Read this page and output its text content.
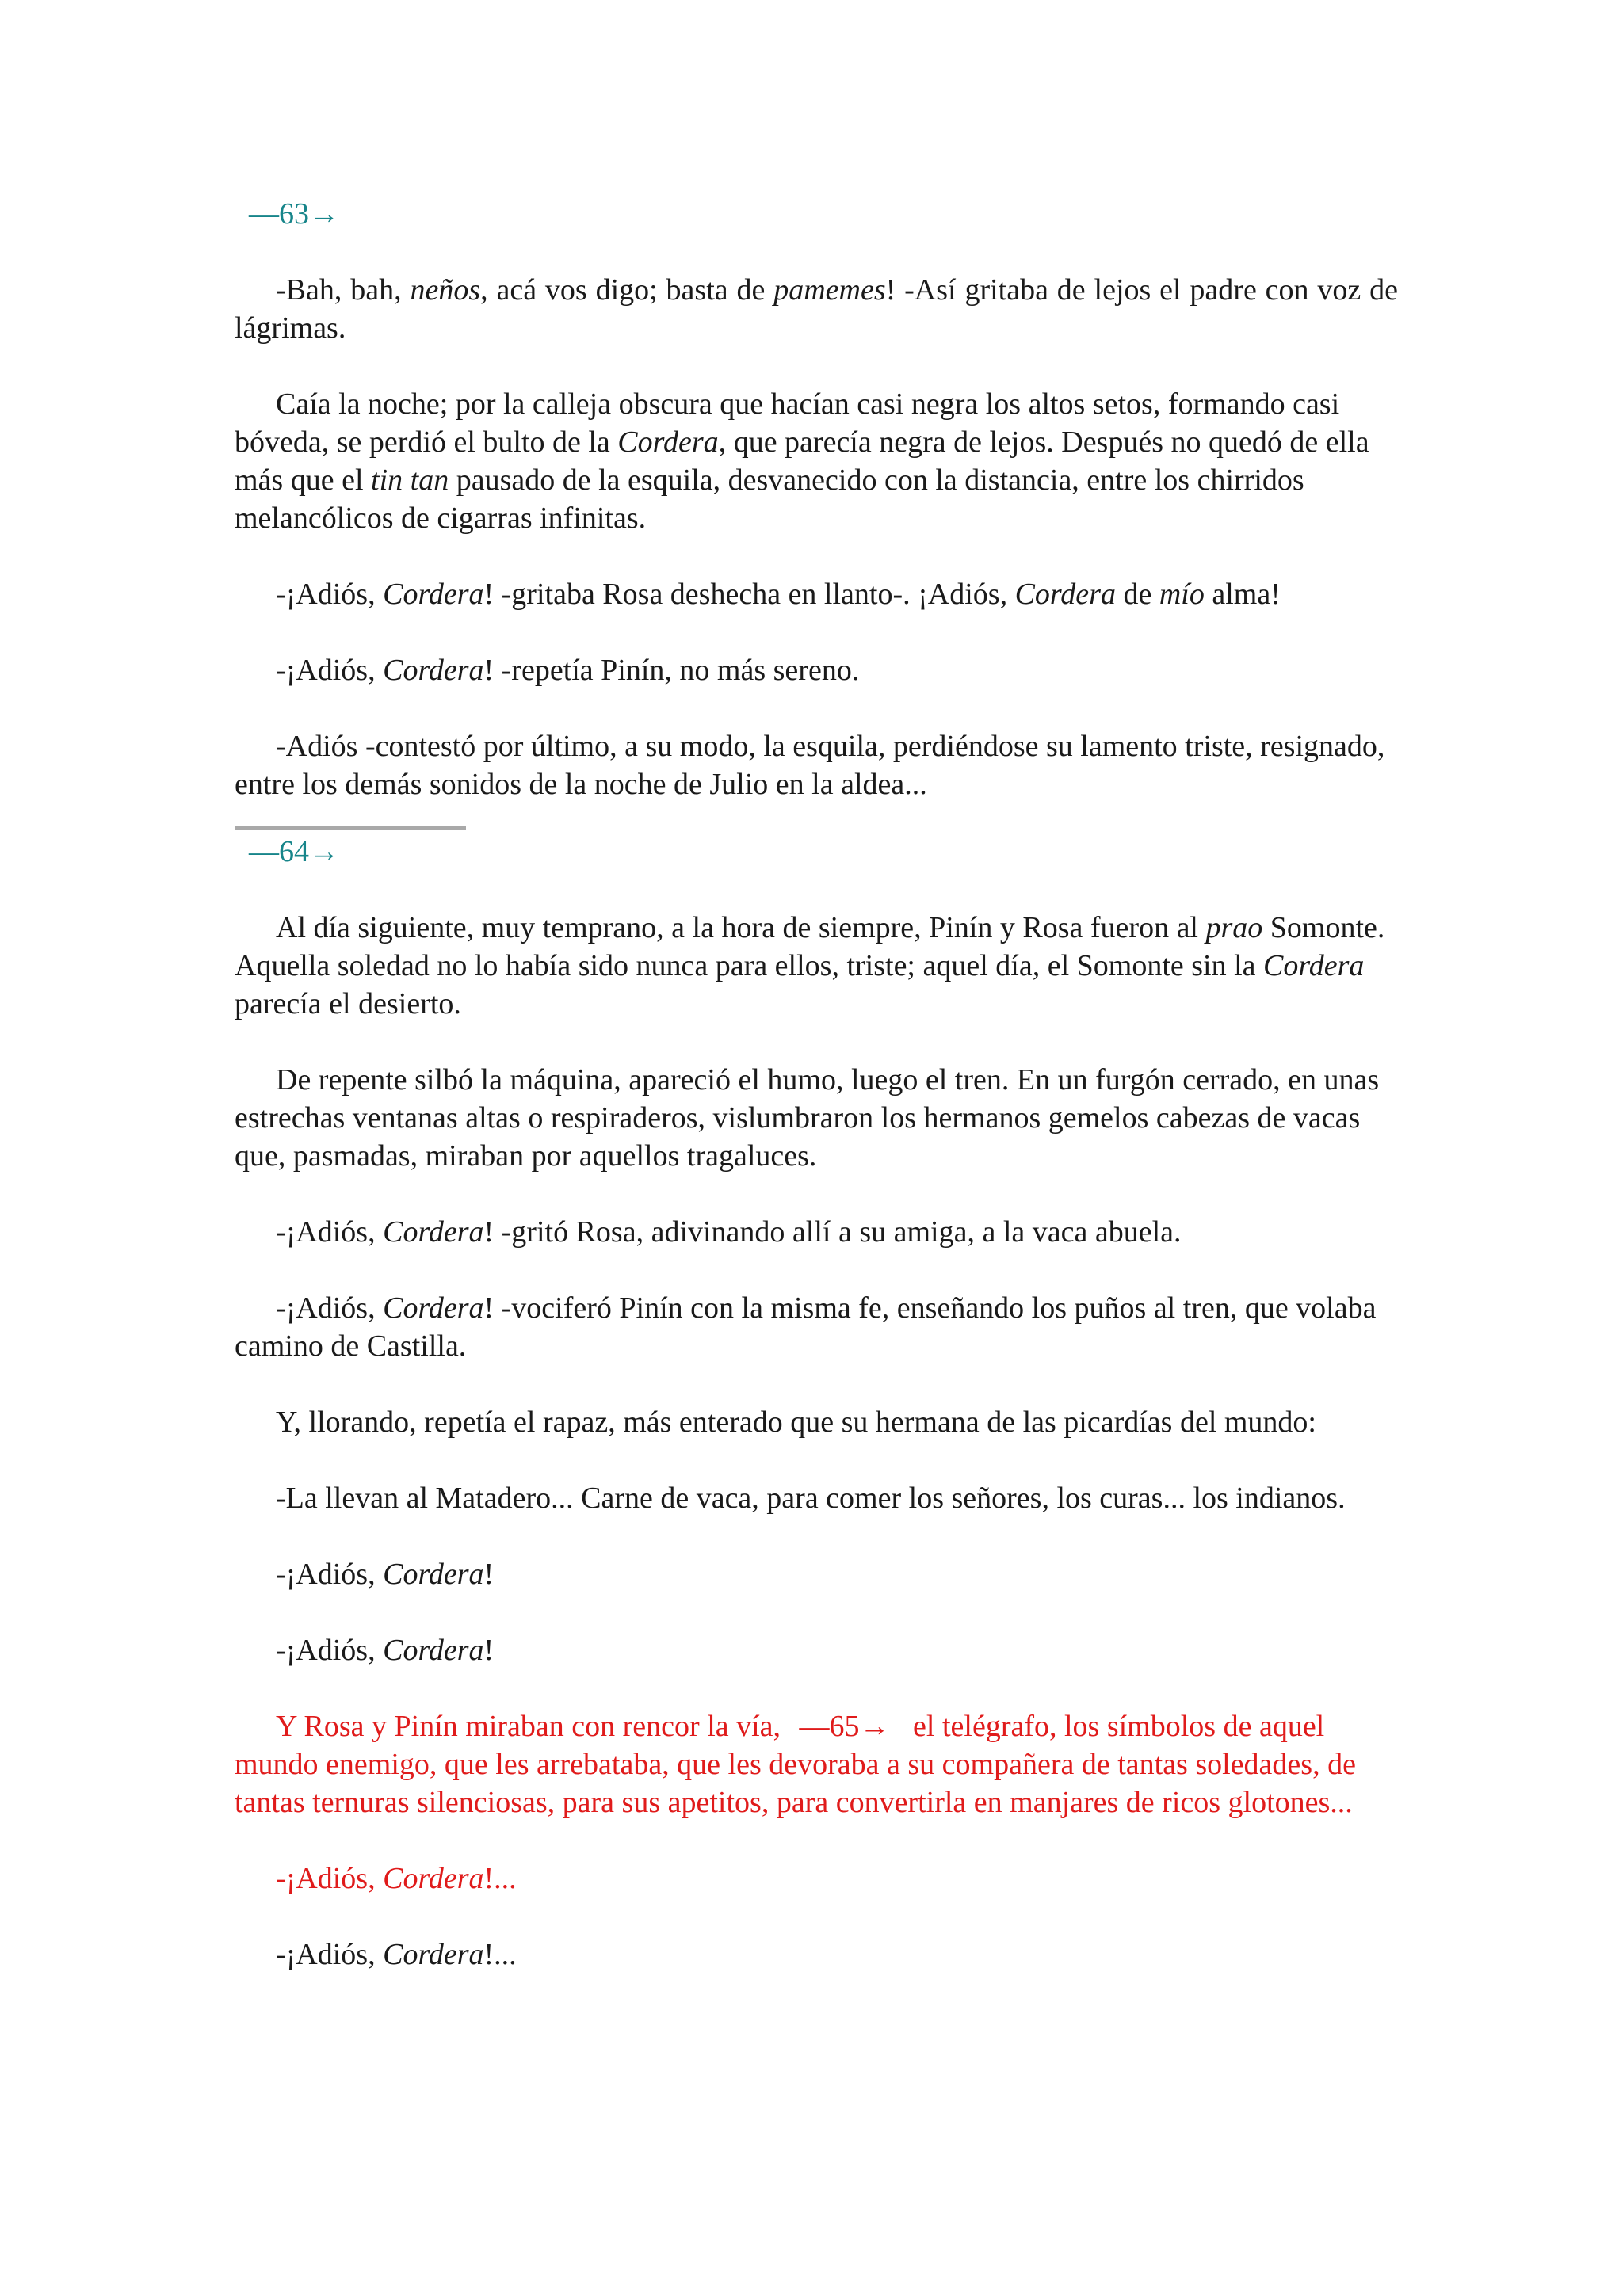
—63→

-Bah, bah, neños, acá vos digo; basta de pamemes! -Así gritaba de lejos el padre con voz de lágrimas.

Caía la noche; por la calleja obscura que hacían casi negra los altos setos, formando casi bóveda, se perdió el bulto de la Cordera, que parecía negra de lejos. Después no quedó de ella más que el tin tan pausado de la esquila, desvanecido con la distancia, entre los chirridos melancólicos de cigarras infinitas.

-¡Adiós, Cordera! -gritaba Rosa deshecha en llanto-. ¡Adiós, Cordera de mío alma!

-¡Adiós, Cordera! -repetía Pinín, no más sereno.

-Adiós -contestó por último, a su modo, la esquila, perdiéndose su lamento triste, resignado, entre los demás sonidos de la noche de Julio en la aldea...

—64→

Al día siguiente, muy temprano, a la hora de siempre, Pinín y Rosa fueron al prao Somonte. Aquella soledad no lo había sido nunca para ellos, triste; aquel día, el Somonte sin la Cordera parecía el desierto.

De repente silbó la máquina, apareció el humo, luego el tren. En un furgón cerrado, en unas estrechas ventanas altas o respiraderos, vislumbraron los hermanos gemelos cabezas de vacas que, pasmadas, miraban por aquellos tragaluces.

-¡Adiós, Cordera! -gritó Rosa, adivinando allí a su amiga, a la vaca abuela.

-¡Adiós, Cordera! -vociferó Pinín con la misma fe, enseñando los puños al tren, que volaba camino de Castilla.

Y, llorando, repetía el rapaz, más enterado que su hermana de las picardías del mundo:

-La llevan al Matadero... Carne de vaca, para comer los señores, los curas... los indianos.

-¡Adiós, Cordera!

-¡Adiós, Cordera!

Y Rosa y Pinín miraban con rencor la vía, —65→ el telégrafo, los símbolos de aquel mundo enemigo, que les arrebataba, que les devoraba a su compañera de tantas soledades, de tantas ternuras silenciosas, para sus apetitos, para convertirla en manjares de ricos glotones...

-¡Adiós, Cordera!...

-¡Adiós, Cordera!...
